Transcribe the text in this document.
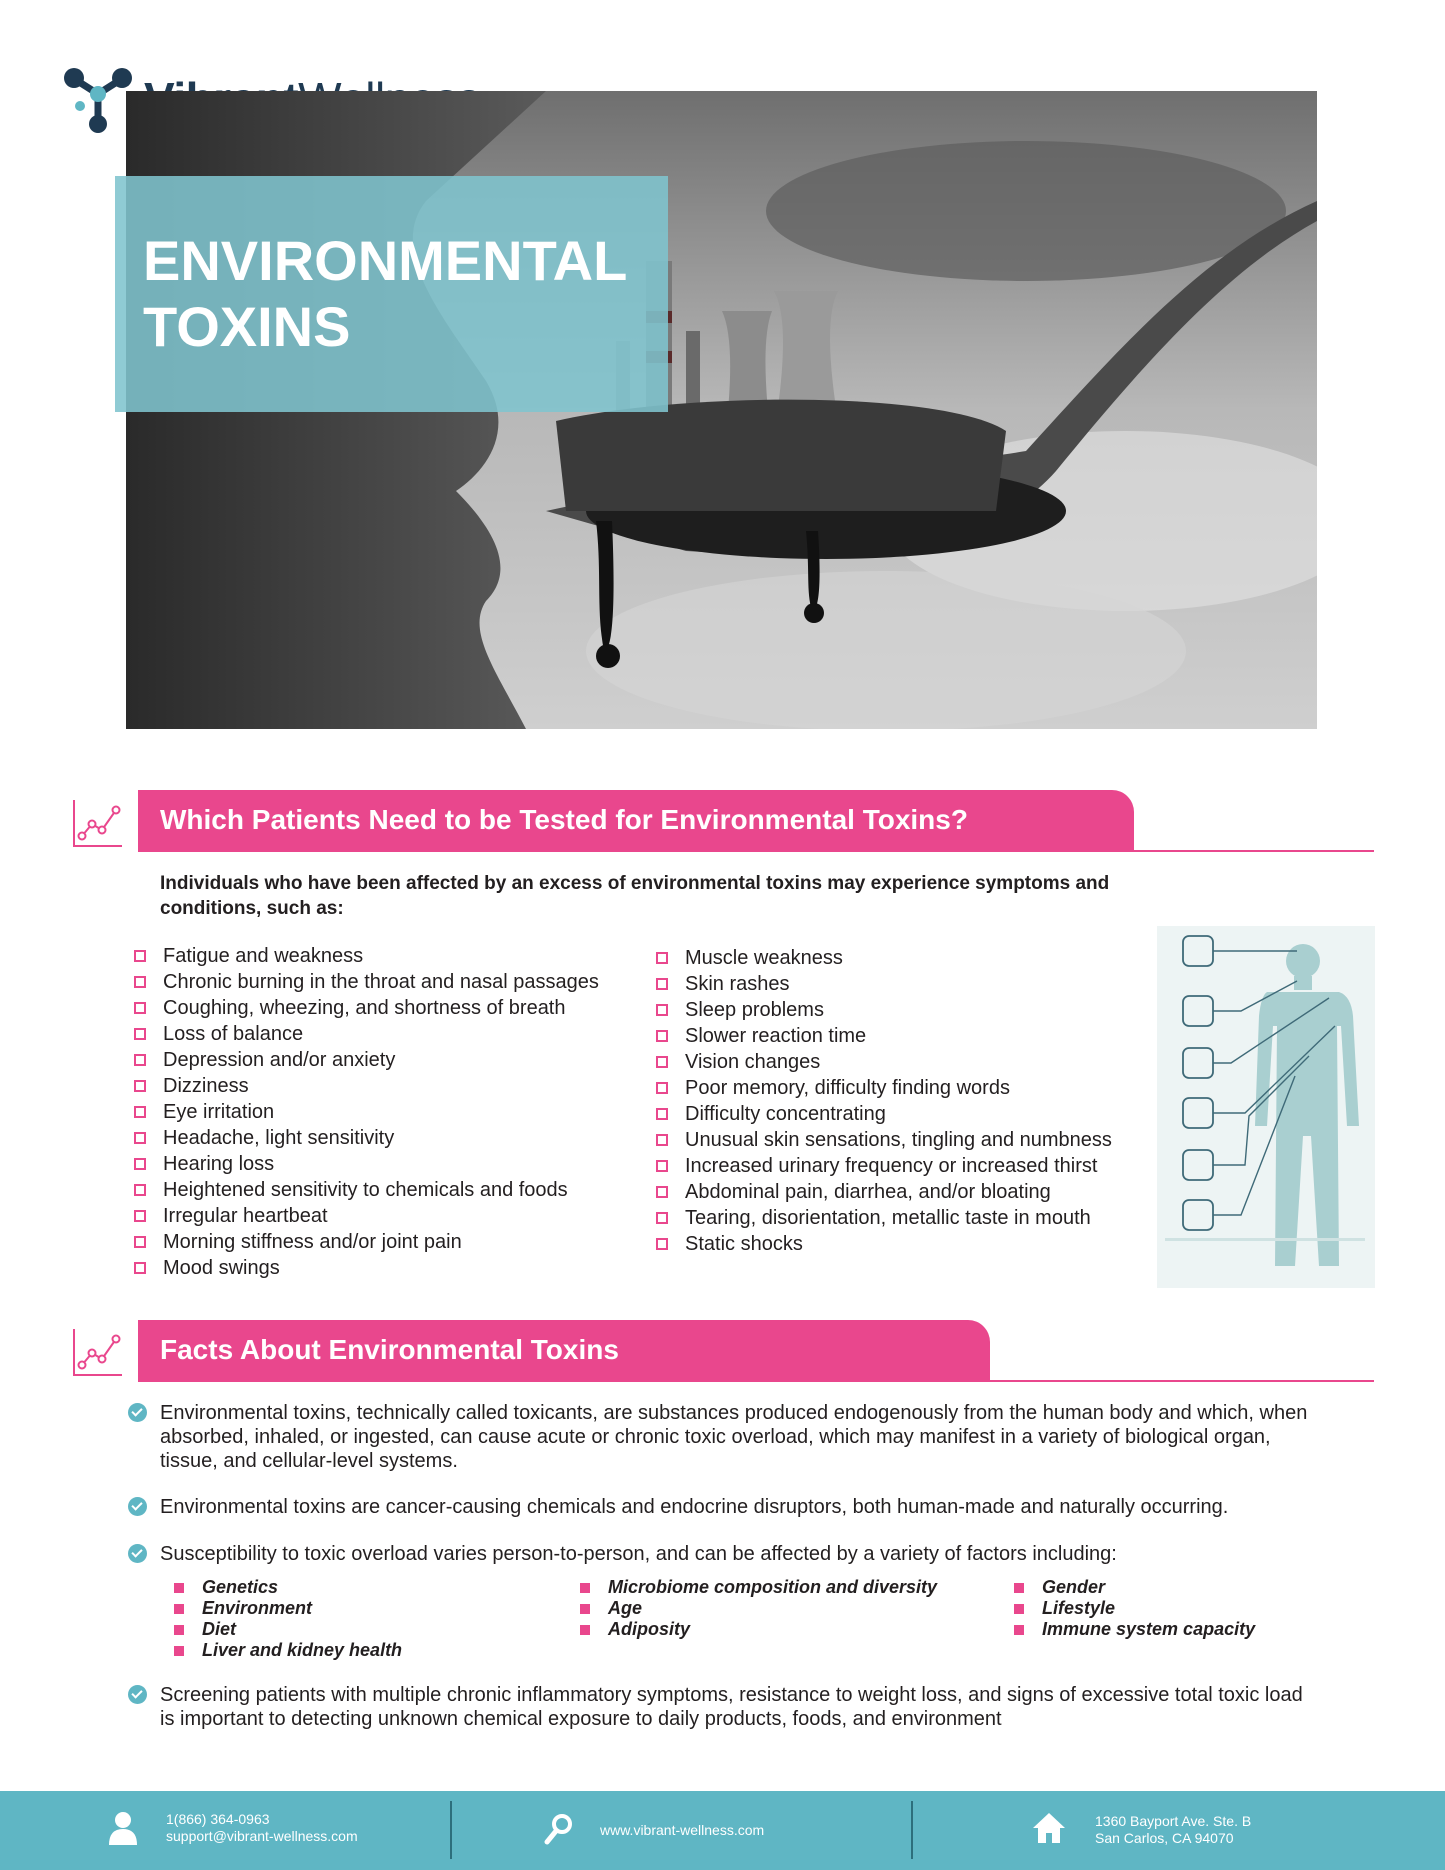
ENVIRONMENTAL
TOXINS
Which Patients Need to be Tested for Environmental Toxins?
Individuals who have been affected by an excess of environmental toxins may experience symptoms and conditions, such as:
Fatigue and weakness
Chronic burning in the throat and nasal passages
Coughing, wheezing, and shortness of breath
Loss of balance
Depression and/or anxiety
Dizziness
Eye irritation
Headache, light sensitivity
Hearing loss
Heightened sensitivity to chemicals and foods
Irregular heartbeat
Morning stiffness and/or joint pain
Mood swings
Muscle weakness
Skin rashes
Sleep problems
Slower reaction time
Vision changes
Poor memory, difficulty finding words
Difficulty concentrating
Unusual skin sensations, tingling and numbness
Increased urinary frequency or increased thirst
Abdominal pain, diarrhea, and/or bloating
Tearing, disorientation, metallic taste in mouth
Static shocks
Facts About Environmental Toxins
Environmental toxins, technically called toxicants, are substances produced endogenously from the human body and which, when absorbed, inhaled, or ingested, can cause acute or chronic toxic overload, which may manifest in a variety of biological organ, tissue, and cellular-level systems.
Environmental toxins are cancer-causing chemicals and endocrine disruptors, both human-made and naturally occurring.
Susceptibility to toxic overload varies person-to-person, and can be affected by a variety of factors including:
Genetics
Environment
Diet
Liver and kidney health
Microbiome composition and diversity
Age
Adiposity
Gender
Lifestyle
Immune system capacity
Screening patients with multiple chronic inflammatory symptoms, resistance to weight loss, and signs of excessive total toxic load is important to detecting unknown chemical exposure to daily products, foods, and environment
1(866) 364-0963
support@vibrant-wellness.com	www.vibrant-wellness.com
1360 Bayport Ave. Ste. B
San Carlos, CA 94070
